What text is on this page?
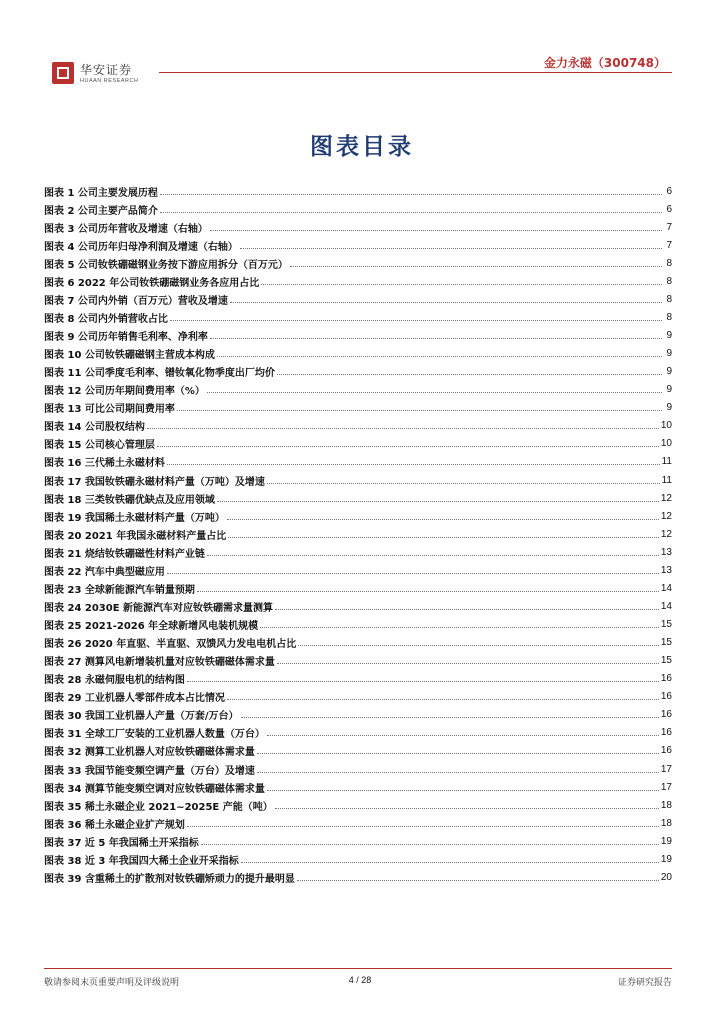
华安证券
HUAAN RESEARCH
金力永磁（300748）
图表目录
图表 1 公司主要发展历程	6
图表 2 公司主要产品简介	6
图表 3 公司历年营收及增速（右轴）	7
图表 4 公司历年归母净利润及增速（右轴）	7
图表 5 公司钕铁硼磁钢业务按下游应用拆分（百万元）	8
图表 6 2022 年公司钕铁硼磁钢业务各应用占比	8
图表 7 公司内外销（百万元）营收及增速	8
图表 8 公司内外销营收占比	8
图表 9 公司历年销售毛利率、净利率	9
图表 10 公司钕铁硼磁钢主营成本构成	9
图表 11 公司季度毛利率、镨钕氧化物季度出厂均价	9
图表 12 公司历年期间费用率（%）	9
图表 13 可比公司期间费用率	9
图表 14 公司股权结构	10
图表 15 公司核心管理层	10
图表 16 三代稀土永磁材料	11
图表 17 我国钕铁硼永磁材料产量（万吨）及增速	11
图表 18 三类钕铁硼优缺点及应用领域	12
图表 19 我国稀土永磁材料产量（万吨）	12
图表 20 2021 年我国永磁材料产量占比	12
图表 21 烧结钕铁硼磁性材料产业链	13
图表 22 汽车中典型磁应用	13
图表 23 全球新能源汽车销量预期	14
图表 24 2030E 新能源汽车对应钕铁硼需求量测算	14
图表 25 2021-2026 年全球新增风电装机规模	15
图表 26 2020 年直驱、半直驱、双馈风力发电电机占比	15
图表 27 测算风电新增装机量对应钕铁硼磁体需求量	15
图表 28 永磁伺服电机的结构图	16
图表 29 工业机器人零部件成本占比情况	16
图表 30 我国工业机器人产量（万套/万台）	16
图表 31 全球工厂安装的工业机器人数量（万台）	16
图表 32 测算工业机器人对应钕铁硼磁体需求量	16
图表 33 我国节能变频空调产量（万台）及增速	17
图表 34 测算节能变频空调对应钕铁硼磁体需求量	17
图表 35 稀土永磁企业 2021~2025E 产能（吨）	18
图表 36 稀土永磁企业扩产规划	18
图表 37 近 5 年我国稀土开采指标	19
图表 38 近 3 年我国四大稀土企业开采指标	19
图表 39 含重稀土的扩散剂对钕铁硼矫顽力的提升最明显	20
敬请参阅末页重要声明及评级说明	4 / 28	证券研究报告
